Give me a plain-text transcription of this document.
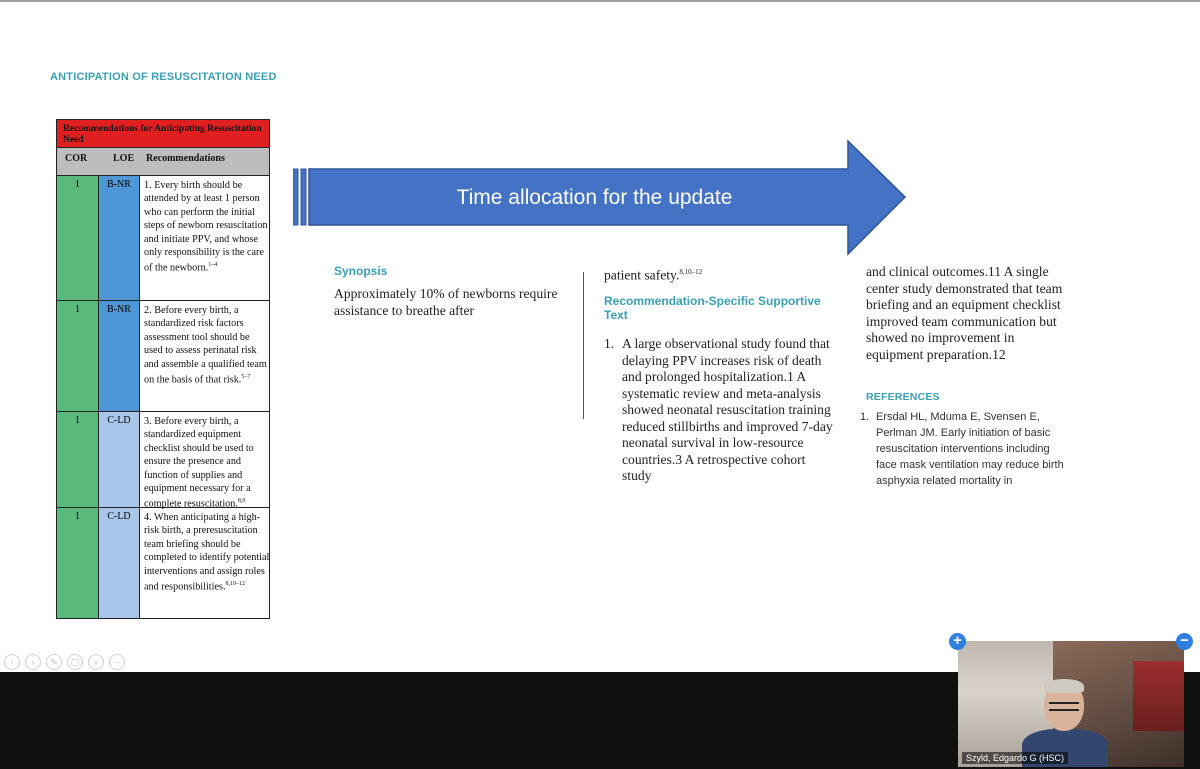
ANTICIPATION OF RESUSCITATION NEED
Recommendations for Anticipating Resuscitation Need
COR	LOE Recommendations
1	B-NR	1. Every birth should be attended by at least 1 person who can perform the initial steps of newborn resuscitation and initiate PPV, and whose only responsibility is the care of the newborn.$^{1-4}$
1	B-NR	2. Before every birth, a standardized risk factors assessment tool should be used to assess perinatal risk and assemble a qualified team on the basis of that risk.$^{5-7}$
1	C-LD	3. Before every birth, a standardized equipment checklist should be used to ensure the presence and function of supplies and equipment necessary for a complete resuscitation.$^{8,9}$
1	C-LD	4. When anticipating a high-risk birth, a preresuscitation team briefing should be completed to identify potential interventions and assign roles and responsibilities.$^{8,10-12}$
Time allocation for the update
Synopsis
Approximately 10% of newborns require assistance to breathe after
patient safety.$^{8,10-12}$
Recommendation-Specific Supportive Text
1. A large observational study found that delaying PPV increases risk of death and prolonged hospitalization.1 A systematic review and meta-analysis showed neonatal resuscitation training reduced stillbirths and improved 7-day neonatal survival in low-resource countries.3 A retrospective cohort study
and clinical outcomes.11 A single center study demonstrated that team briefing and an equipment checklist improved team communication but showed no improvement in equipment preparation.12
REFERENCES
1. Ersdal HL, Mduma E, Svensen E, Perlman JM. Early initiation of basic resuscitation interventions including face mask ventilation may reduce birth asphyxia related mortality in
‹	›	✎	▢	⌕	⋯
Szyld, Edgardo G (HSC)
+	−
